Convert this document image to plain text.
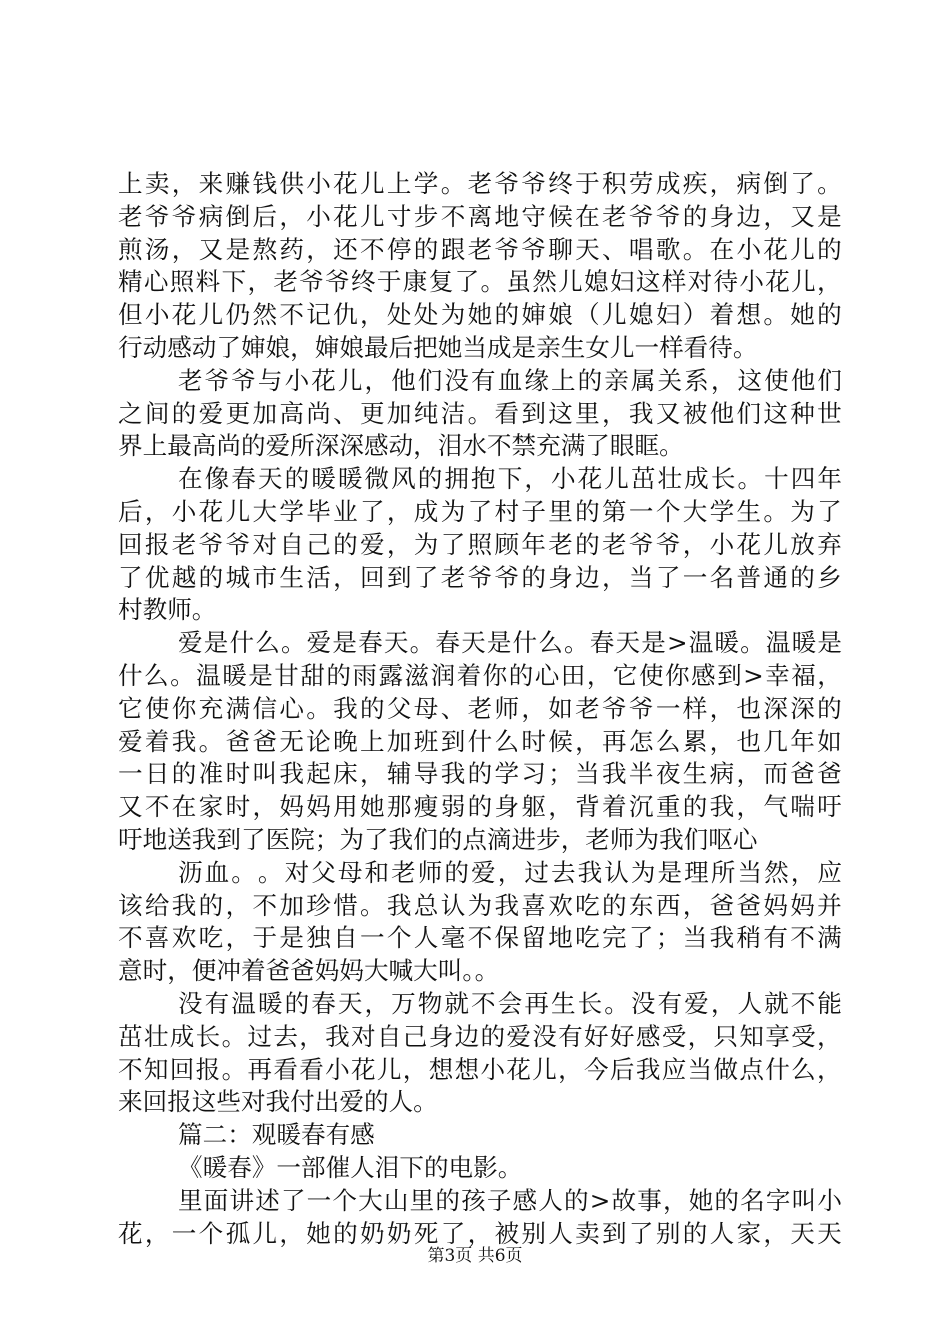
上 卖 ， 来 赚 钱 供 小 花 儿 上 学 。 老 爷 爷 终 于 积 劳 成 疾 ， 病 倒 了 。
老 爷 爷 病 倒 后 ， 小 花 儿 寸 步 不 离 地 守 候 在 老 爷 爷 的 身 边 ， 又 是
煎 汤 ， 又 是 熬 药 ， 还 不 停 的 跟 老 爷 爷 聊 天 、 唱 歌 。 在 小 花 儿 的
精 心 照 料 下 ， 老 爷 爷 终 于 康 复 了 。 虽 然 儿 媳 妇 这 样 对 待 小 花 儿 ，
但 小 花 儿 仍 然 不 记 仇 ， 处 处 为 她 的 婶 娘 （ 儿 媳 妇 ） 着 想 。 她 的
行动感动了婶娘，婶娘最后把她当成是亲生女儿一样看待。
老 爷 爷 与 小 花 儿 ， 他 们 没 有 血 缘 上 的 亲 属 关 系 ， 这 使 他 们
之 间 的 爱 更 加 高 尚 、 更 加 纯 洁 。 看 到 这 里 ， 我 又 被 他 们 这 种 世
界上最高尚的爱所深深感动，泪水不禁充满了眼眶。
在 像 春 天 的 暖 暖 微 风 的 拥 抱 下 ， 小 花 儿 茁 壮 成 长 。 十 四 年
后 ， 小 花 儿 大 学 毕 业 了 ， 成 为 了 村 子 里 的 第 一 个 大 学 生 。 为 了
回 报 老 爷 爷 对 自 己 的 爱 ， 为 了 照 顾 年 老 的 老 爷 爷 ， 小 花 儿 放 弃
了 优 越 的 城 市 生 活 ， 回 到 了 老 爷 爷 的 身 边 ， 当 了 一 名 普 通 的 乡
村教师。
爱 是 什 么 。 爱 是 春 天 。 春 天 是 什 么 。 春 天 是 > 温 暖 。 温 暖 是
什 么 。 温 暖 是 甘 甜 的 雨 露 滋 润 着 你 的 心 田 ， 它 使 你 感 到 > 幸 福 ，
它 使 你 充 满 信 心 。 我 的 父 母 、 老 师 ， 如 老 爷 爷 一 样 ， 也 深 深 的
爱 着 我 。 爸 爸 无 论 晚 上 加 班 到 什 么 时 候 ， 再 怎 么 累 ， 也 几 年 如
一 日 的 准 时 叫 我 起 床 ， 辅 导 我 的 学 习 ； 当 我 半 夜 生 病 ， 而 爸 爸
又 不 在 家 时 ， 妈 妈 用 她 那 瘦 弱 的 身 躯 ， 背 着 沉 重 的 我 ， 气 喘 吁
吁地送我到了医院；为了我们的点滴进步，老师为我们呕心
沥 血 。 。 对 父 母 和 老 师 的 爱 ， 过 去 我 认 为 是 理 所 当 然 ， 应
该 给 我 的 ， 不 加 珍 惜 。 我 总 认 为 我 喜 欢 吃 的 东 西 ， 爸 爸 妈 妈 并
不 喜 欢 吃 ， 于 是 独 自 一 个 人 毫 不 保 留 地 吃 完 了 ； 当 我 稍 有 不 满
意时，便冲着爸爸妈妈大喊大叫。。
没 有 温 暖 的 春 天 ， 万 物 就 不 会 再 生 长 。 没 有 爱 ， 人 就 不 能
茁 壮 成 长 。 过 去 ， 我 对 自 己 身 边 的 爱 没 有 好 好 感 受 ， 只 知 享 受 ，
不 知 回 报 。 再 看 看 小 花 儿 ， 想 想 小 花 儿 ， 今 后 我 应 当 做 点 什 么 ，
来回报这些对我付出爱的人。
篇二：观暖春有感
《暖春》一部催人泪下的电影。
里 面 讲 述 了 一 个 大 山 里 的 孩 子 感 人 的 > 故 事 ， 她 的 名 字 叫 小
花 ， 一 个 孤 儿 ， 她 的 奶 奶 死 了 ， 被 别 人 卖 到 了 别 的 人 家 ， 天 天
第3页 共6页
